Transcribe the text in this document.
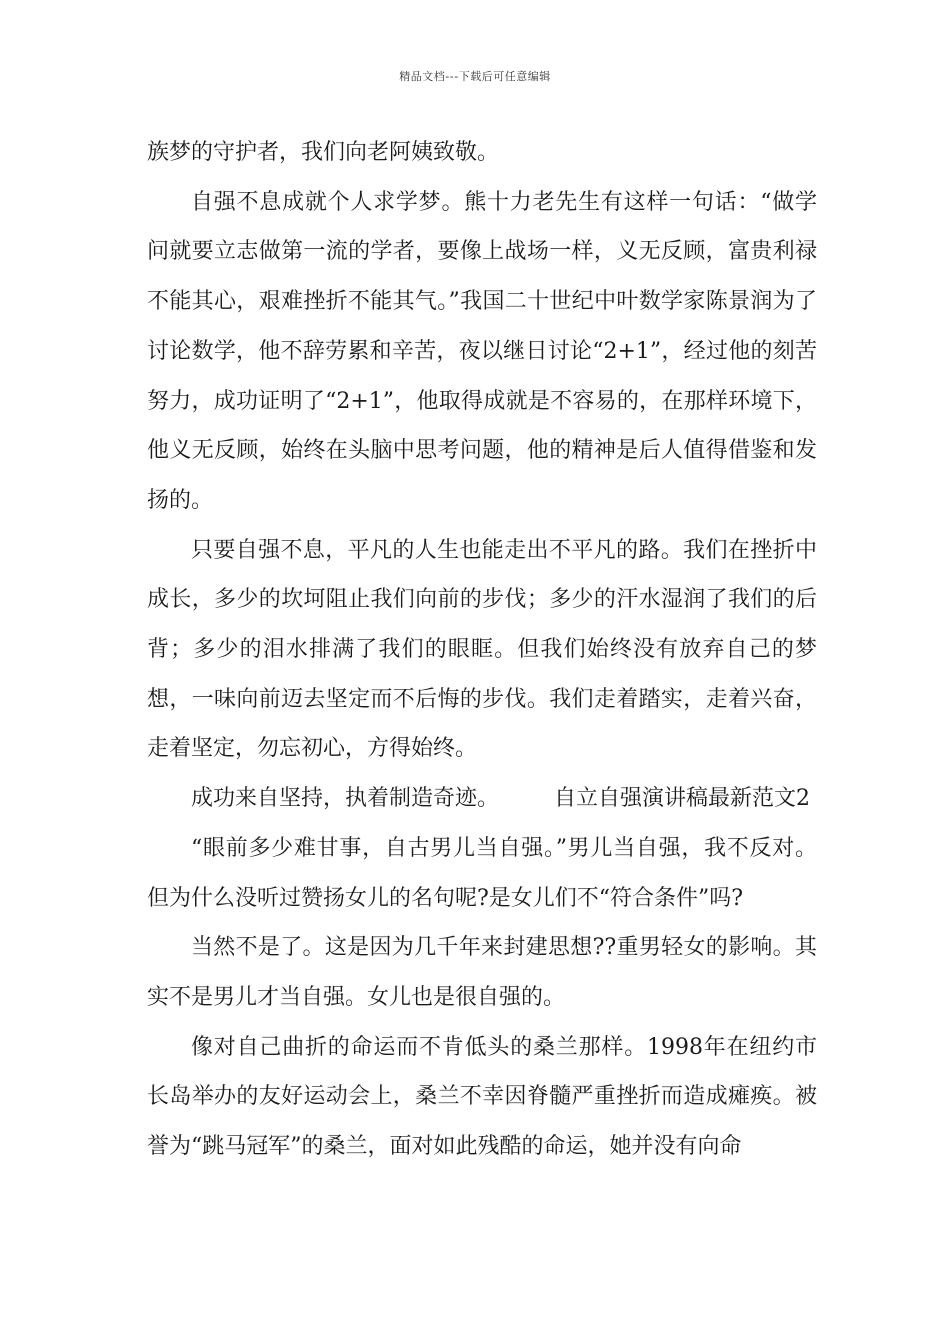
精品文档---下载后可任意编辑

族梦的守护者，我们向老阿姨致敬。

自强不息成就个人求学梦。熊十力老先生有这样一句话：“做学问就要立志做第一流的学者，要像上战场一样，义无反顾，富贵利禄不能其心，艰难挫折不能其气。”我国二十世纪中叶数学家陈景润为了讨论数学，他不辞劳累和辛苦，夜以继日讨论“2+1”，经过他的刻苦努力，成功证明了“2+1”，他取得成就是不容易的，在那样环境下，他义无反顾，始终在头脑中思考问题，他的精神是后人值得借鉴和发扬的。

只要自强不息，平凡的人生也能走出不平凡的路。我们在挫折中成长，多少的坎坷阻止我们向前的步伐；多少的汗水湿润了我们的后背；多少的泪水排满了我们的眼眶。但我们始终没有放弃自己的梦想，一味向前迈去坚定而不后悔的步伐。我们走着踏实，走着兴奋，走着坚定，勿忘初心，方得始终。

成功来自坚持，执着制造奇迹。　　　自立自强演讲稿最新范文2

“眼前多少难甘事，自古男儿当自强。”男儿当自强，我不反对。但为什么没听过赞扬女儿的名句呢?是女儿们不“符合条件”吗?

当然不是了。这是因为几千年来封建思想??重男轻女的影响。其实不是男儿才当自强。女儿也是很自强的。

像对自己曲折的命运而不肯低头的桑兰那样。1998年在纽约市长岛举办的友好运动会上，桑兰不幸因脊髓严重挫折而造成瘫痪。被誉为“跳马冠军”的桑兰，面对如此残酷的命运，她并没有向命
